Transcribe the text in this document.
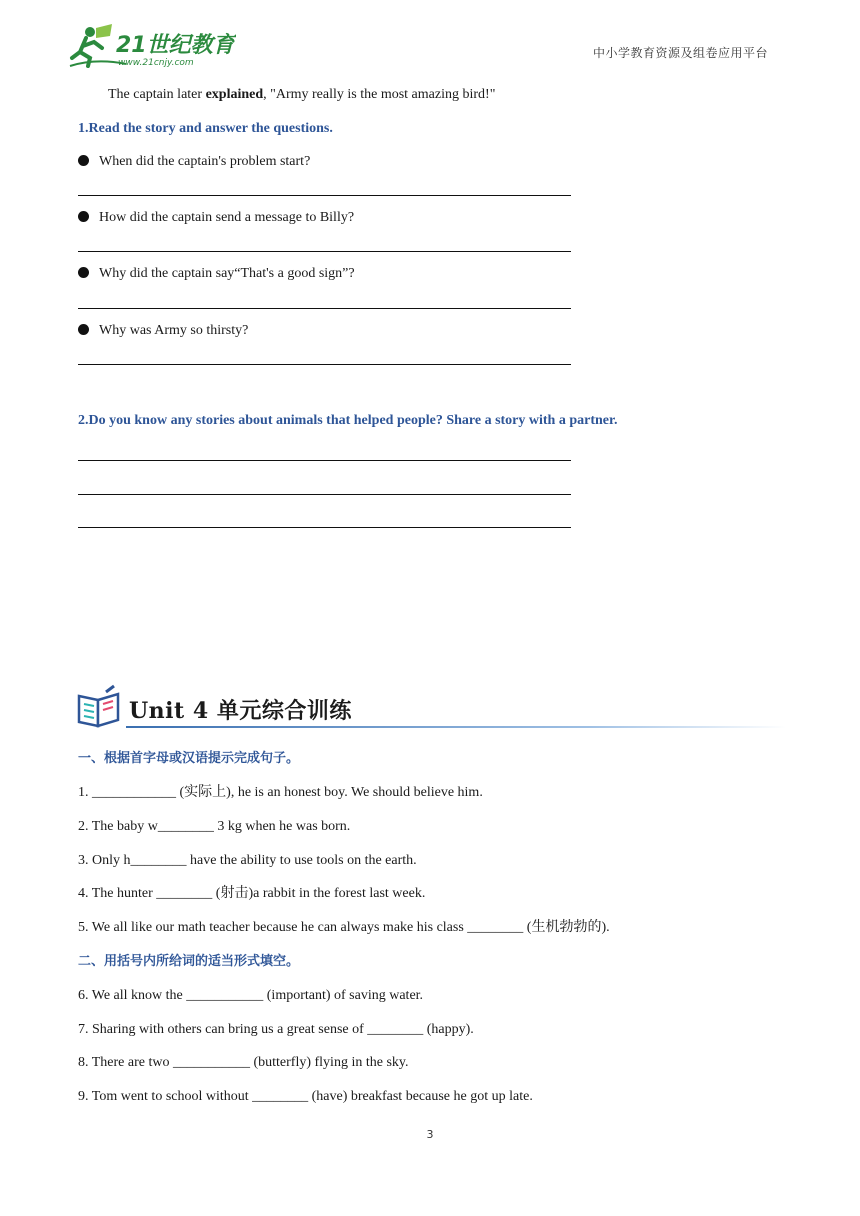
21世纪教育
www.21cnjy.com
中小学教育资源及组卷应用平台
The captain later explained, "Army really is the most amazing bird!"
1.Read the story and answer the questions.
When did the captain's problem start?
How did the captain send a message to Billy?
Why did the captain say“That's a good sign”?
Why was Army so thirsty?
2.Do you know any stories about animals that helped people? Share a story with a partner.
Unit 4 单元综合训练
一、根据首字母或汉语提示完成句子。
1. ____________ (实际上), he is an honest boy. We should believe him.
2. The baby w________ 3 kg when he was born.
3. Only h________ have the ability to use tools on the earth.
4. The hunter ________ (射击)a rabbit in the forest last week.
5. We all like our math teacher because he can always make his class ________ (生机勃勃的).
二、用括号内所给词的适当形式填空。
6. We all know the ___________ (important) of saving water.
7. Sharing with others can bring us a great sense of ________ (happy).
8. There are two ___________ (butterfly) flying in the sky.
9. Tom went to school without ________ (have) breakfast because he got up late.
3
